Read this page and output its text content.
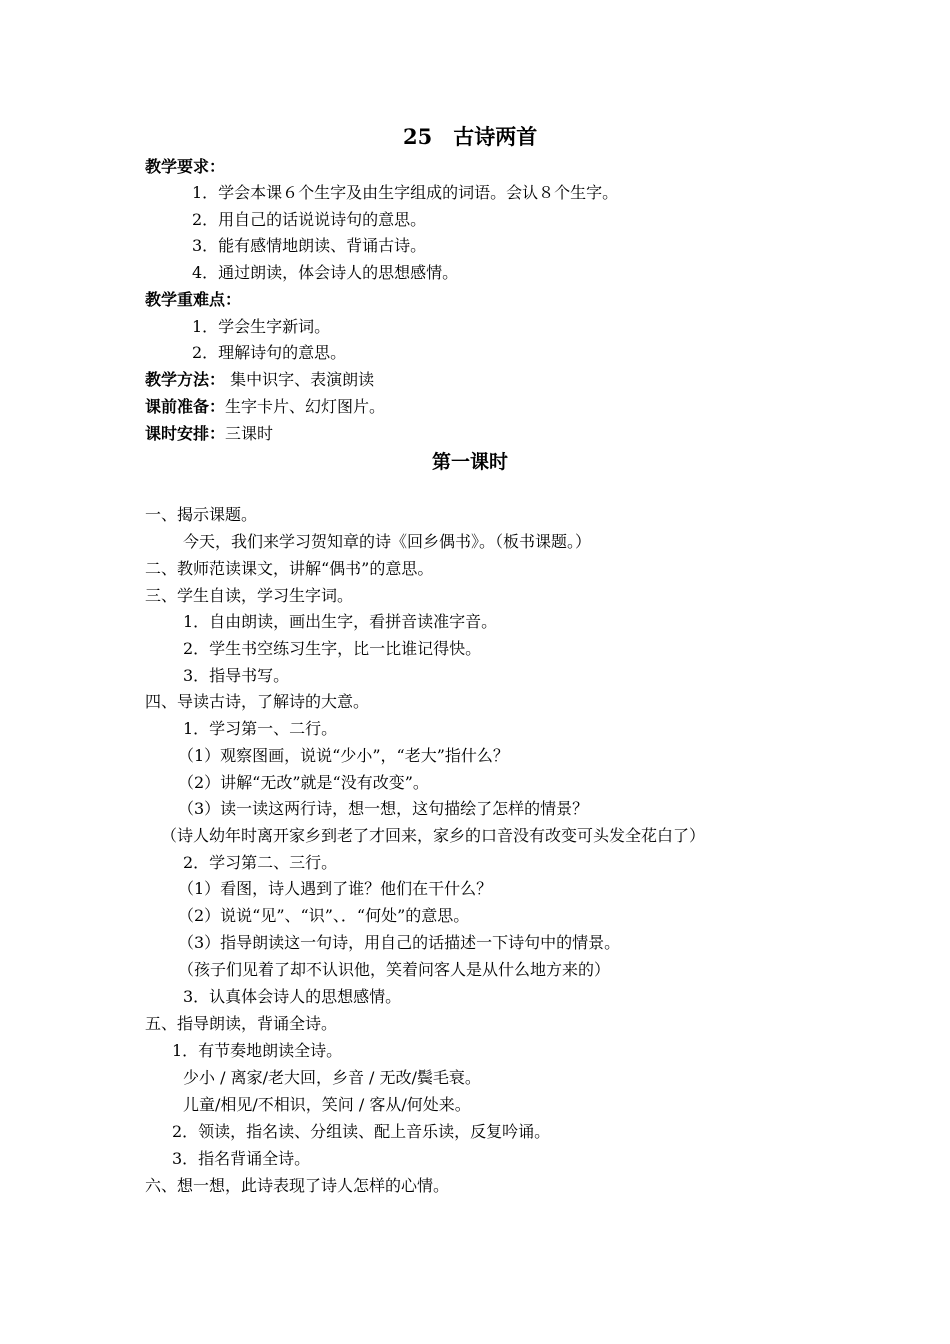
25　古诗两首
教学要求：
1．学会本课６个生字及由生字组成的词语。会认８个生字。
2．用自己的话说说诗句的意思。
3．能有感情地朗读、背诵古诗。
4．通过朗读，体会诗人的思想感情。
教学重难点：
1．学会生字新词。
2．理解诗句的意思。
教学方法： 集中识字、表演朗读
课前准备：生字卡片、幻灯图片。
课时安排：三课时
第一课时
一、揭示课题。
今天，我们来学习贺知章的诗《回乡偶书》。（板书课题。）
二、教师范读课文，讲解“偶书”的意思。
三、学生自读，学习生字词。
1．自由朗读，画出生字，看拼音读准字音。
2．学生书空练习生字，比一比谁记得快。
3．指导书写。
四、导读古诗，了解诗的大意。
1．学习第一、二行。
（1）观察图画，说说“少小”，“老大”指什么？
（2）讲解“无改”就是“没有改变”。
（3）读一读这两行诗，想一想，这句描绘了怎样的情景？
（诗人幼年时离开家乡到老了才回来，家乡的口音没有改变可头发全花白了）
2．学习第二、三行。
（1）看图，诗人遇到了谁？他们在干什么？
（2）说说“见”、“识”、．“何处”的意思。
（3）指导朗读这一句诗，用自己的话描述一下诗句中的情景。
（孩子们见着了却不认识他，笑着问客人是从什么地方来的）
3．认真体会诗人的思想感情。
五、指导朗读，背诵全诗。
1．有节奏地朗读全诗。
少小 / 离家/老大回，乡音 / 无改/鬓毛衰。
儿童/相见/不相识，笑问 / 客从/何处来。
2．领读，指名读、分组读、配上音乐读，反复吟诵。
3．指名背诵全诗。
六、想一想，此诗表现了诗人怎样的心情。
